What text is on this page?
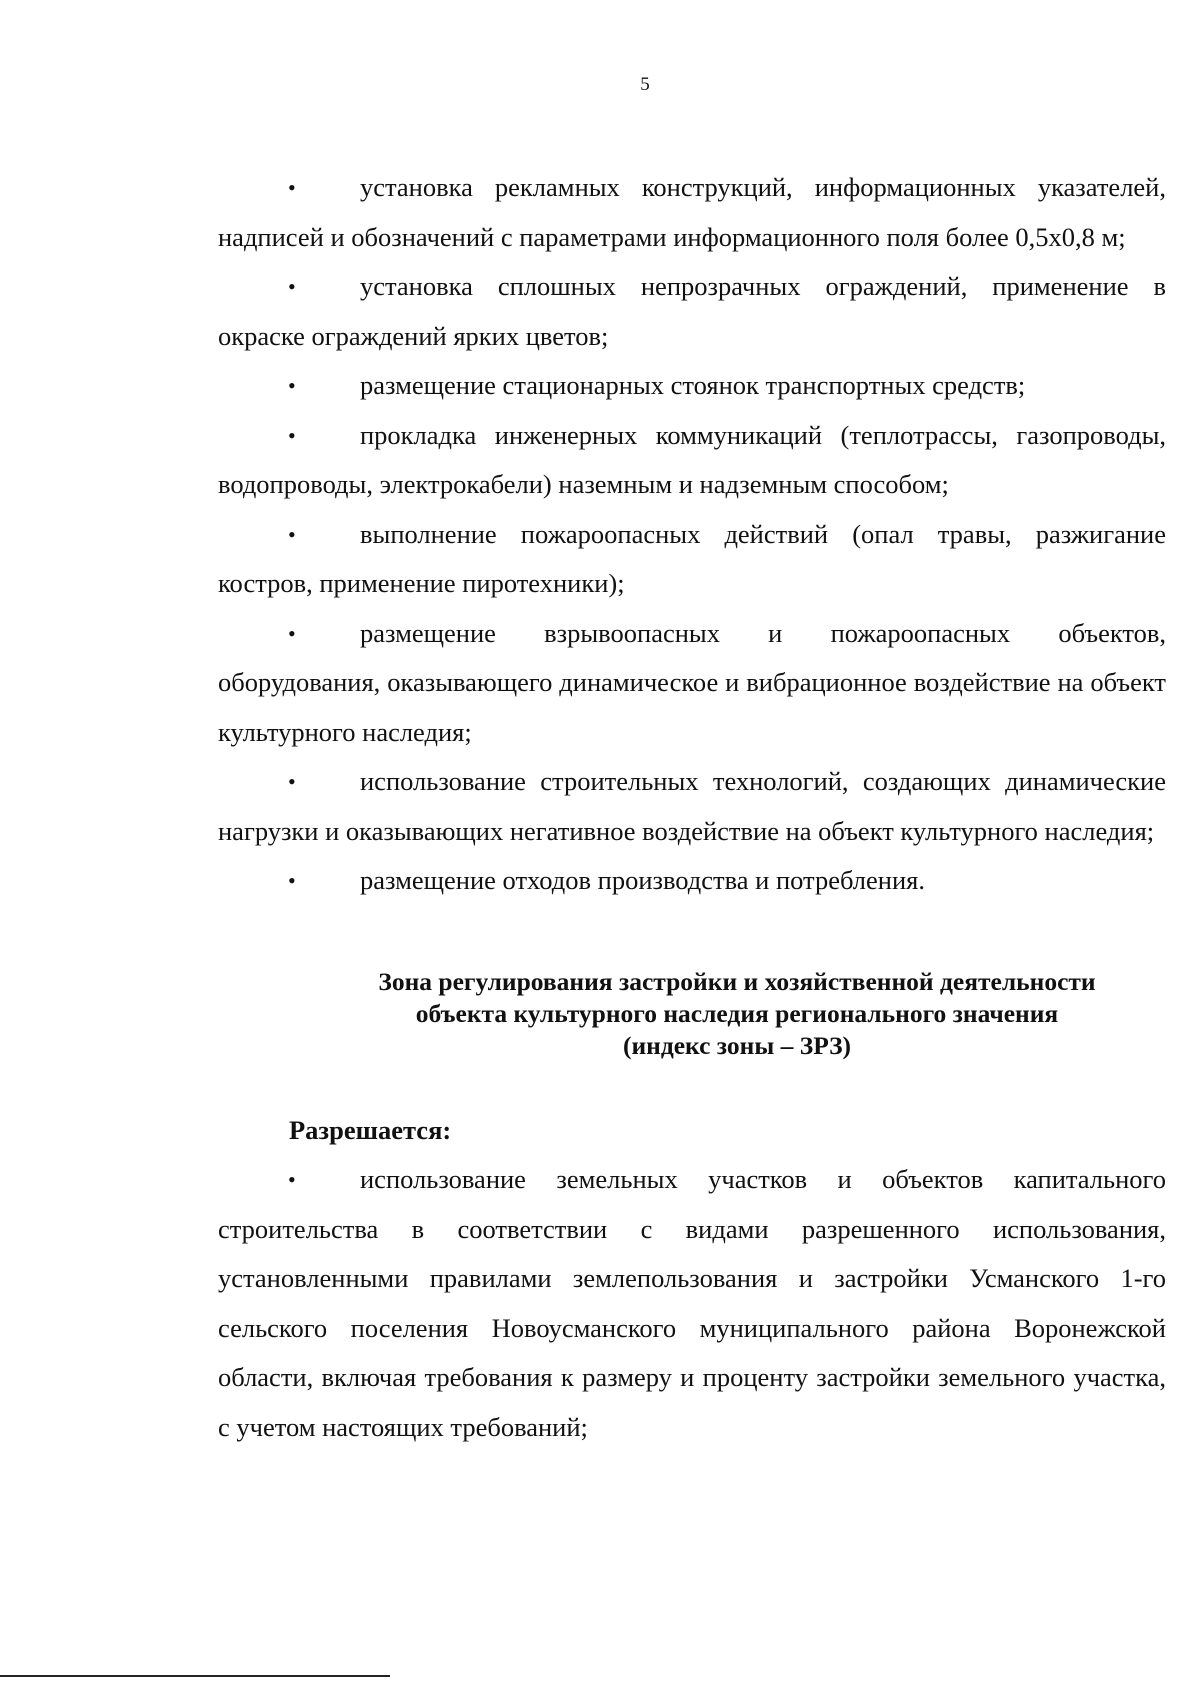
5

• установка рекламных конструкций, информационных указателей, надписей и обозначений с параметрами информационного поля более 0,5х0,8 м;

• установка сплошных непрозрачных ограждений, применение в окраске ограждений ярких цветов;

• размещение стационарных стоянок транспортных средств;

• прокладка инженерных коммуникаций (теплотрассы, газопроводы, водопроводы, электрокабели) наземным и надземным способом;

• выполнение пожароопасных действий (опал травы, разжигание костров, применение пиротехники);

• размещение взрывоопасных и пожароопасных объектов, оборудования, оказывающего динамическое и вибрационное воздействие на объект культурного наследия;

• использование строительных технологий, создающих динамические нагрузки и оказывающих негативное воздействие на объект культурного наследия;

• размещение отходов производства и потребления.

Зона регулирования застройки и хозяйственной деятельности
объекта культурного наследия регионального значения
(индекс зоны – ЗРЗ)
Разрешается:

• использование земельных участков и объектов капитального строительства в соответствии с видами разрешенного использования, установленными правилами землепользования и застройки Усманского 1-го сельского поселения Новоусманского муниципального района Воронежской области, включая требования к размеру и проценту застройки земельного участка, с учетом настоящих требований;
